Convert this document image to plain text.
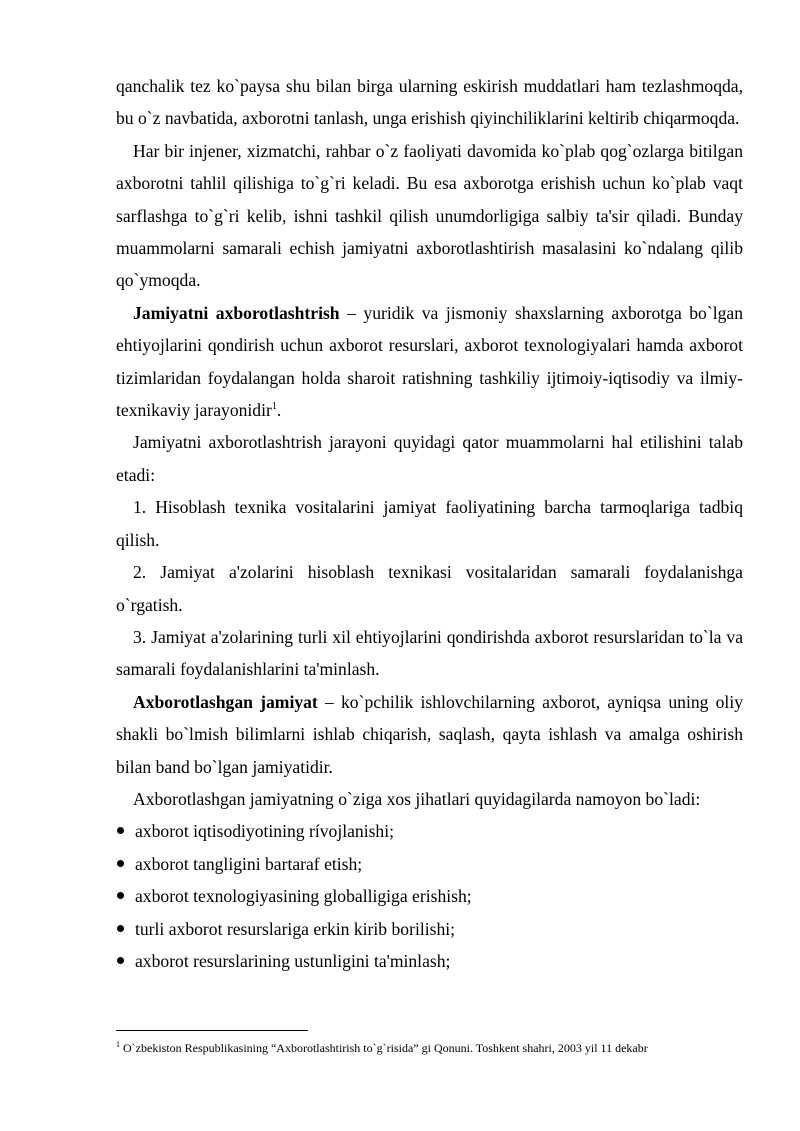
qanchalik tez ko`paysa shu bilan birga ularning eskirish muddatlari ham tezlashmoqda, bu o`z navbatida, axborotni tanlash, unga erishish qiyinchiliklarini keltirib chiqarmoqda.

Har bir injener, xizmatchi, rahbar o`z faoliyati davomida ko`plab qog`ozlarga bitilgan axborotni tahlil qilishiga to`g`ri keladi. Bu esa axborotga erishish uchun ko`plab vaqt sarflashga to`g`ri kelib, ishni tashkil qilish unumdorligiga salbiy ta'sir qiladi. Bunday muammolarni samarali echish jamiyatni axborotlashtirish masalasini ko`ndalang qilib qo`ymoqda.

Jamiyatni axborotlashtrish – yuridik va jismoniy shaxslarning axborotga bo`lgan ehtiyojlarini qondirish uchun axborot resurslari, axborot texnologiyalari hamda axborot tizimlaridan foydalangan holda sharoit ratishning tashkiliy ijtimoiy-iqtisodiy va ilmiy-texnikaviy jarayonidir$^1$.

Jamiyatni axborotlashtrish jarayoni quyidagi qator muammolarni hal etilishini talab etadi:

1. Hisoblash texnika vositalarini jamiyat faoliyatining barcha tarmoqlariga tadbiq qilish.

2. Jamiyat a'zolarini hisoblash texnikasi vositalaridan samarali foydalanishga o`rgatish.

3. Jamiyat a'zolarining turli xil ehtiyojlarini qondirishda axborot resurslaridan to`la va samarali foydalanishlarini ta'minlash.

Axborotlashgan jamiyat – ko`pchilik ishlovchilarning axborot, ayniqsa uning oliy shakli bo`lmish bilimlarni ishlab chiqarish, saqlash, qayta ishlash va amalga oshirish bilan band bo`lgan jamiyatidir.

Axborotlashgan jamiyatning o`ziga xos jihatlari quyidagilarda namoyon bo`ladi:

axborot iqtisodiyotining rívojlanishi;
axborot tangligini bartaraf etish;
axborot texnologiyasining globalligiga erishish;
turli axborot resurslariga erkin kirib borilishi;
axborot resurslarining ustunligini ta'minlash;
$^1$ O`zbekiston Respublikasining “Axborotlashtirish to`g`risida” gi Qonuni. Toshkent shahri, 2003 yil 11 dekabr
